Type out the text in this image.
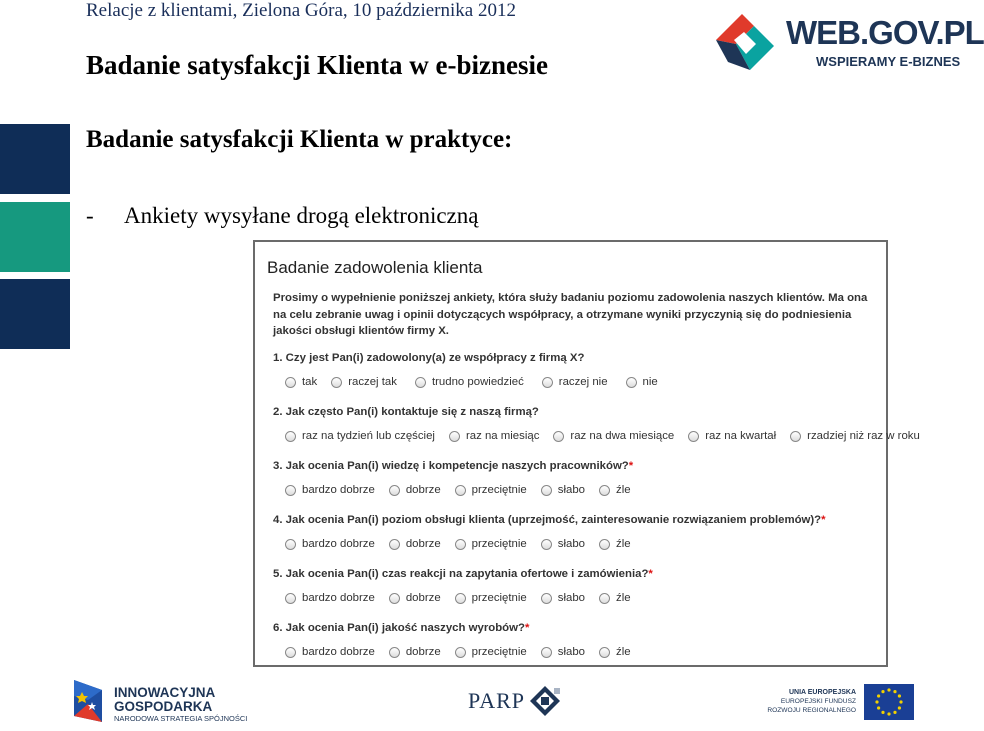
Relacje z klientami, Zielona Góra, 10 października 2012
Badanie satysfakcji Klienta w e-biznesie
Badanie satysfakcji Klienta w praktyce:
- Ankiety wysyłane drogą elektroniczną
WEB.GOV.PL
WSPIERAMY E-BIZNES
Badanie zadowolenia klienta
Prosimy o wypełnienie poniższej ankiety, która służy badaniu poziomu zadowolenia naszych klientów. Ma ona na celu zebranie uwag i opinii dotyczących współpracy, a otrzymane wyniki przyczynią się do podniesienia jakości obsługi klientów firmy X.
1. Czy jest Pan(i) zadowolony(a) ze współpracy z firmą X?
tak	raczej tak	trudno powiedzieć	raczej nie	nie
2. Jak często Pan(i) kontaktuje się z naszą firmą?
raz na tydzień lub częściej	raz na miesiąc	raz na dwa miesiące	raz na kwartał	rzadziej niż raz w roku
3. Jak ocenia Pan(i) wiedzę i kompetencje naszych pracowników?*
bardzo dobrze	dobrze	przeciętnie	słabo	źle
4. Jak ocenia Pan(i) poziom obsługi klienta (uprzejmość, zainteresowanie rozwiązaniem problemów)?*
bardzo dobrze	dobrze	przeciętnie	słabo	źle
5. Jak ocenia Pan(i) czas reakcji na zapytania ofertowe i zamówienia?*
bardzo dobrze	dobrze	przeciętnie	słabo	źle
6. Jak ocenia Pan(i) jakość naszych wyrobów?*
bardzo dobrze	dobrze	przeciętnie	słabo	źle
INNOWACYJNA
GOSPODARKA
NARODOWA STRATEGIA SPÓJNOŚCI
PARP	UNIA EUROPEJSKA
EUROPEJSKI FUNDUSZ
ROZWOJU REGIONALNEGO
